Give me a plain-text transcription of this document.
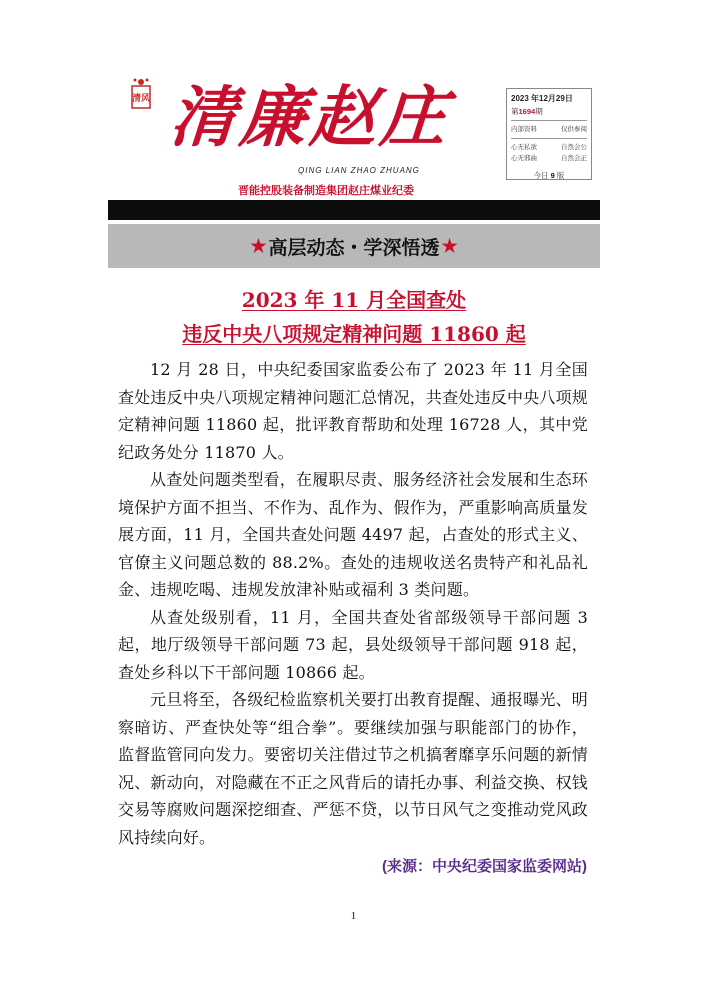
清风 清廉赵庄
QING LIAN ZHAO ZHUANG
晋能控股装备制造集团赵庄煤业纪委
2023 年12月29日
第1694期
内部资料	仅供参阅
心无私欲	自然会公
心无邪曲	自然会正
今日 9 版
★ 高层动态・学深悟透 ★
2023 年 11 月全国查处
违反中央八项规定精神问题 11860 起

12 月 28 日，中央纪委国家监委公布了 2023 年 11 月全国查处违反中央八项规定精神问题汇总情况，共查处违反中央八项规定精神问题 11860 起，批评教育帮助和处理 16728 人，其中党纪政务处分 11870 人。

从查处问题类型看，在履职尽责、服务经济社会发展和生态环境保护方面不担当、不作为、乱作为、假作为，严重影响高质量发展方面，11 月，全国共查处问题 4497 起，占查处的形式主义、官僚主义问题总数的 88.2%。查处的违规收送名贵特产和礼品礼金、违规吃喝、违规发放津补贴或福利 3 类问题。

从查处级别看，11 月，全国共查处省部级领导干部问题 3 起，地厅级领导干部问题 73 起，县处级领导干部问题 918 起，查处乡科以下干部问题 10866 起。

元旦将至，各级纪检监察机关要打出教育提醒、通报曝光、明察暗访、严查快处等“组合拳”。要继续加强与职能部门的协作，监督监管同向发力。要密切关注借过节之机搞奢靡享乐问题的新情况、新动向，对隐藏在不正之风背后的请托办事、利益交换、权钱交易等腐败问题深挖细查、严惩不贷，以节日风气之变推动党风政风持续向好。

(来源：中央纪委国家监委网站)
1
